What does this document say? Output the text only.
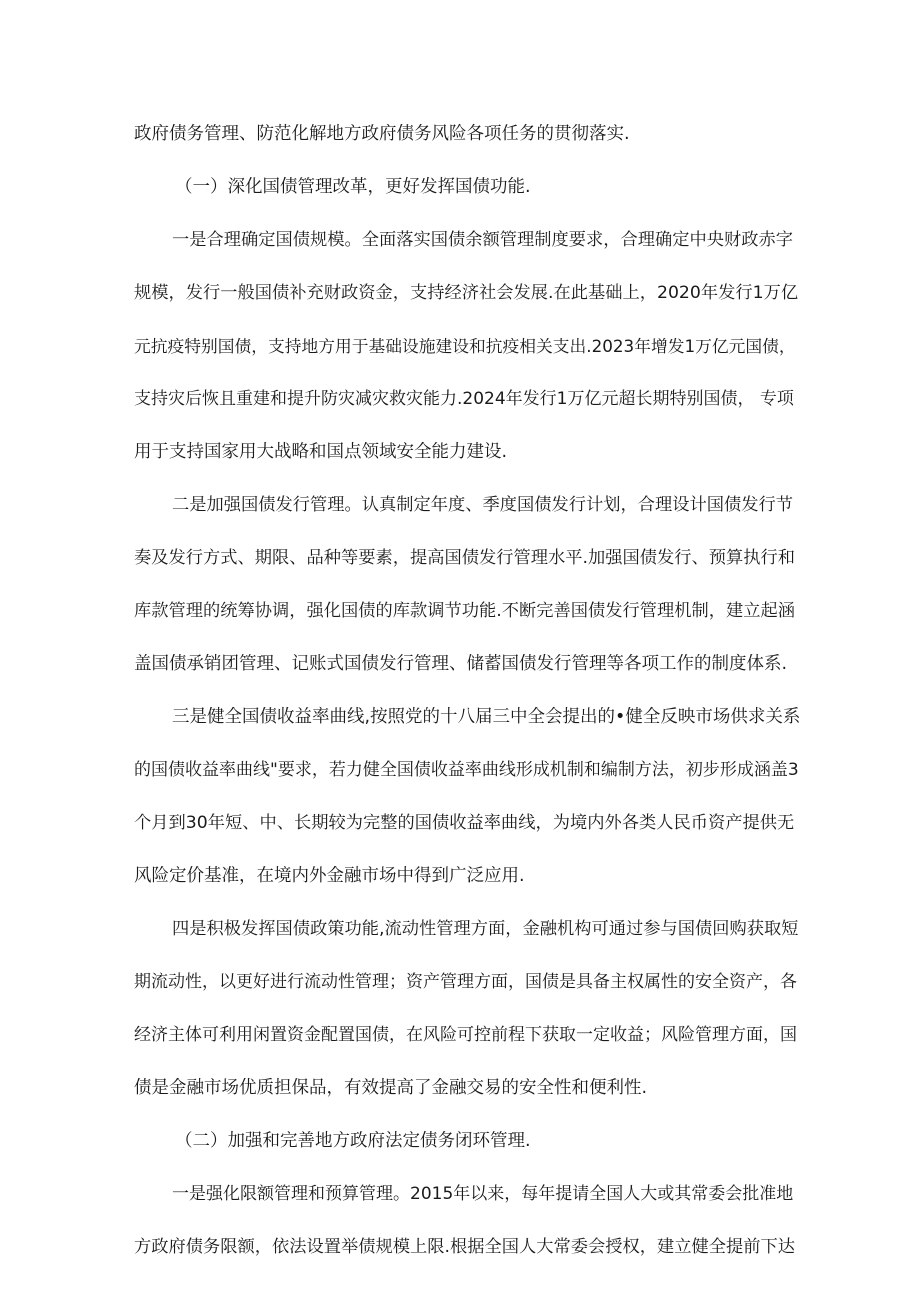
政府债务管理、防范化解地方政府债务风险各项任务的贯彻落实.
（一）深化国债管理改革，更好发挥国债功能.
一是合理确定国债规模。全面落实国债余额管理制度要求，合理确定中央财政赤字
规模，发行一般国债补充财政资金，支持经济社会发展.在此基础上，2020年发行1万亿
元抗疫特别国债，支持地方用于基础设施建设和抗疫相关支出.2023年增发1万亿元国债，
支持灾后恢且重建和提升防灾减灾救灾能力.2024年发行1万亿元超长期特别国债， 专项
用于支持国家用大战略和国点领域安全能力建设.
二是加强国债发行管理。认真制定年度、季度国债发行计划，合理设计国债发行节
奏及发行方式、期限、品种等要素，提高国债发行管理水平.加强国债发行、预算执行和
库款管理的统筹协调，强化国债的库款调节功能.不断完善国债发行管理机制，建立起涵
盖国债承销团管理、记账式国债发行管理、储蓄国债发行管理等各项工作的制度体系.
三是健全国债收益率曲线,按照党的十八届三中全会提出的•健全反映市场供求关系
的国债收益率曲线"要求，若力健全国债收益率曲线形成机制和编制方法，初步形成涵盖3
个月到30年短、中、长期较为完整的国债收益率曲线，为境内外各类人民币资产提供无
风险定价基准，在境内外金融市场中得到广泛应用.
四是积极发挥国债政策功能,流动性管理方面，金融机构可通过参与国债回购获取短
期流动性，以更好进行流动性管理；资产管理方面，国债是具备主权属性的安全资产，各
经济主体可利用闲置资金配置国债，在风险可控前程下获取一定收益；风险管理方面，国
债是金融市场优质担保品，有效提高了金融交易的安全性和便利性.
（二）加强和完善地方政府法定债务闭环管理.
一是强化限额管理和预算管理。2015年以来，每年提请全国人大或其常委会批准地
方政府债务限额，依法设置举债规模上限.根据全国人大常委会授权，建立健全提前下达
